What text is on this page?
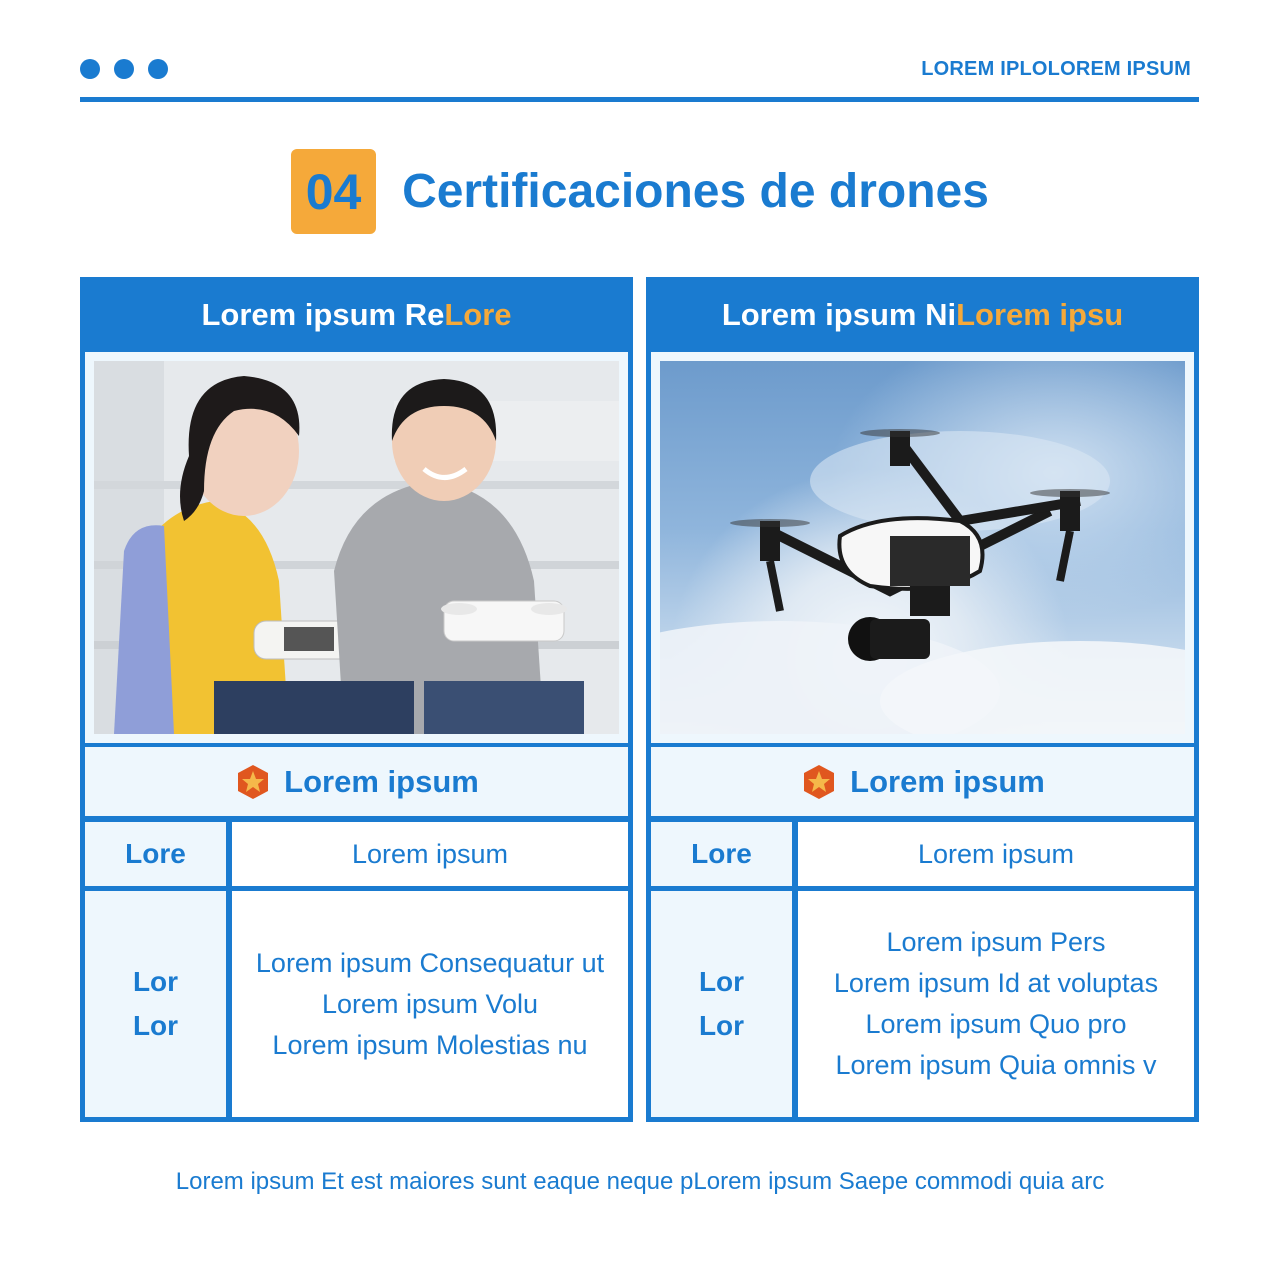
LOREM IPLOLOREM IPSUM
04 Certificaciones de drones
Lorem ipsum Re Lore
Lorem ipsum
Lore	Lorem ipsum
Lor
Lor
Lorem ipsum Consequatur ut
Lorem ipsum Volu
Lorem ipsum Molestias nu
Lorem ipsum Ni Lorem ipsu
Lorem ipsum
Lore	Lorem ipsum
Lor
Lor
Lorem ipsum Pers
Lorem ipsum Id at voluptas
Lorem ipsum Quo pro
Lorem ipsum Quia omnis v
Lorem ipsum Et est maiores sunt eaque neque pLorem ipsum Saepe commodi quia arc
